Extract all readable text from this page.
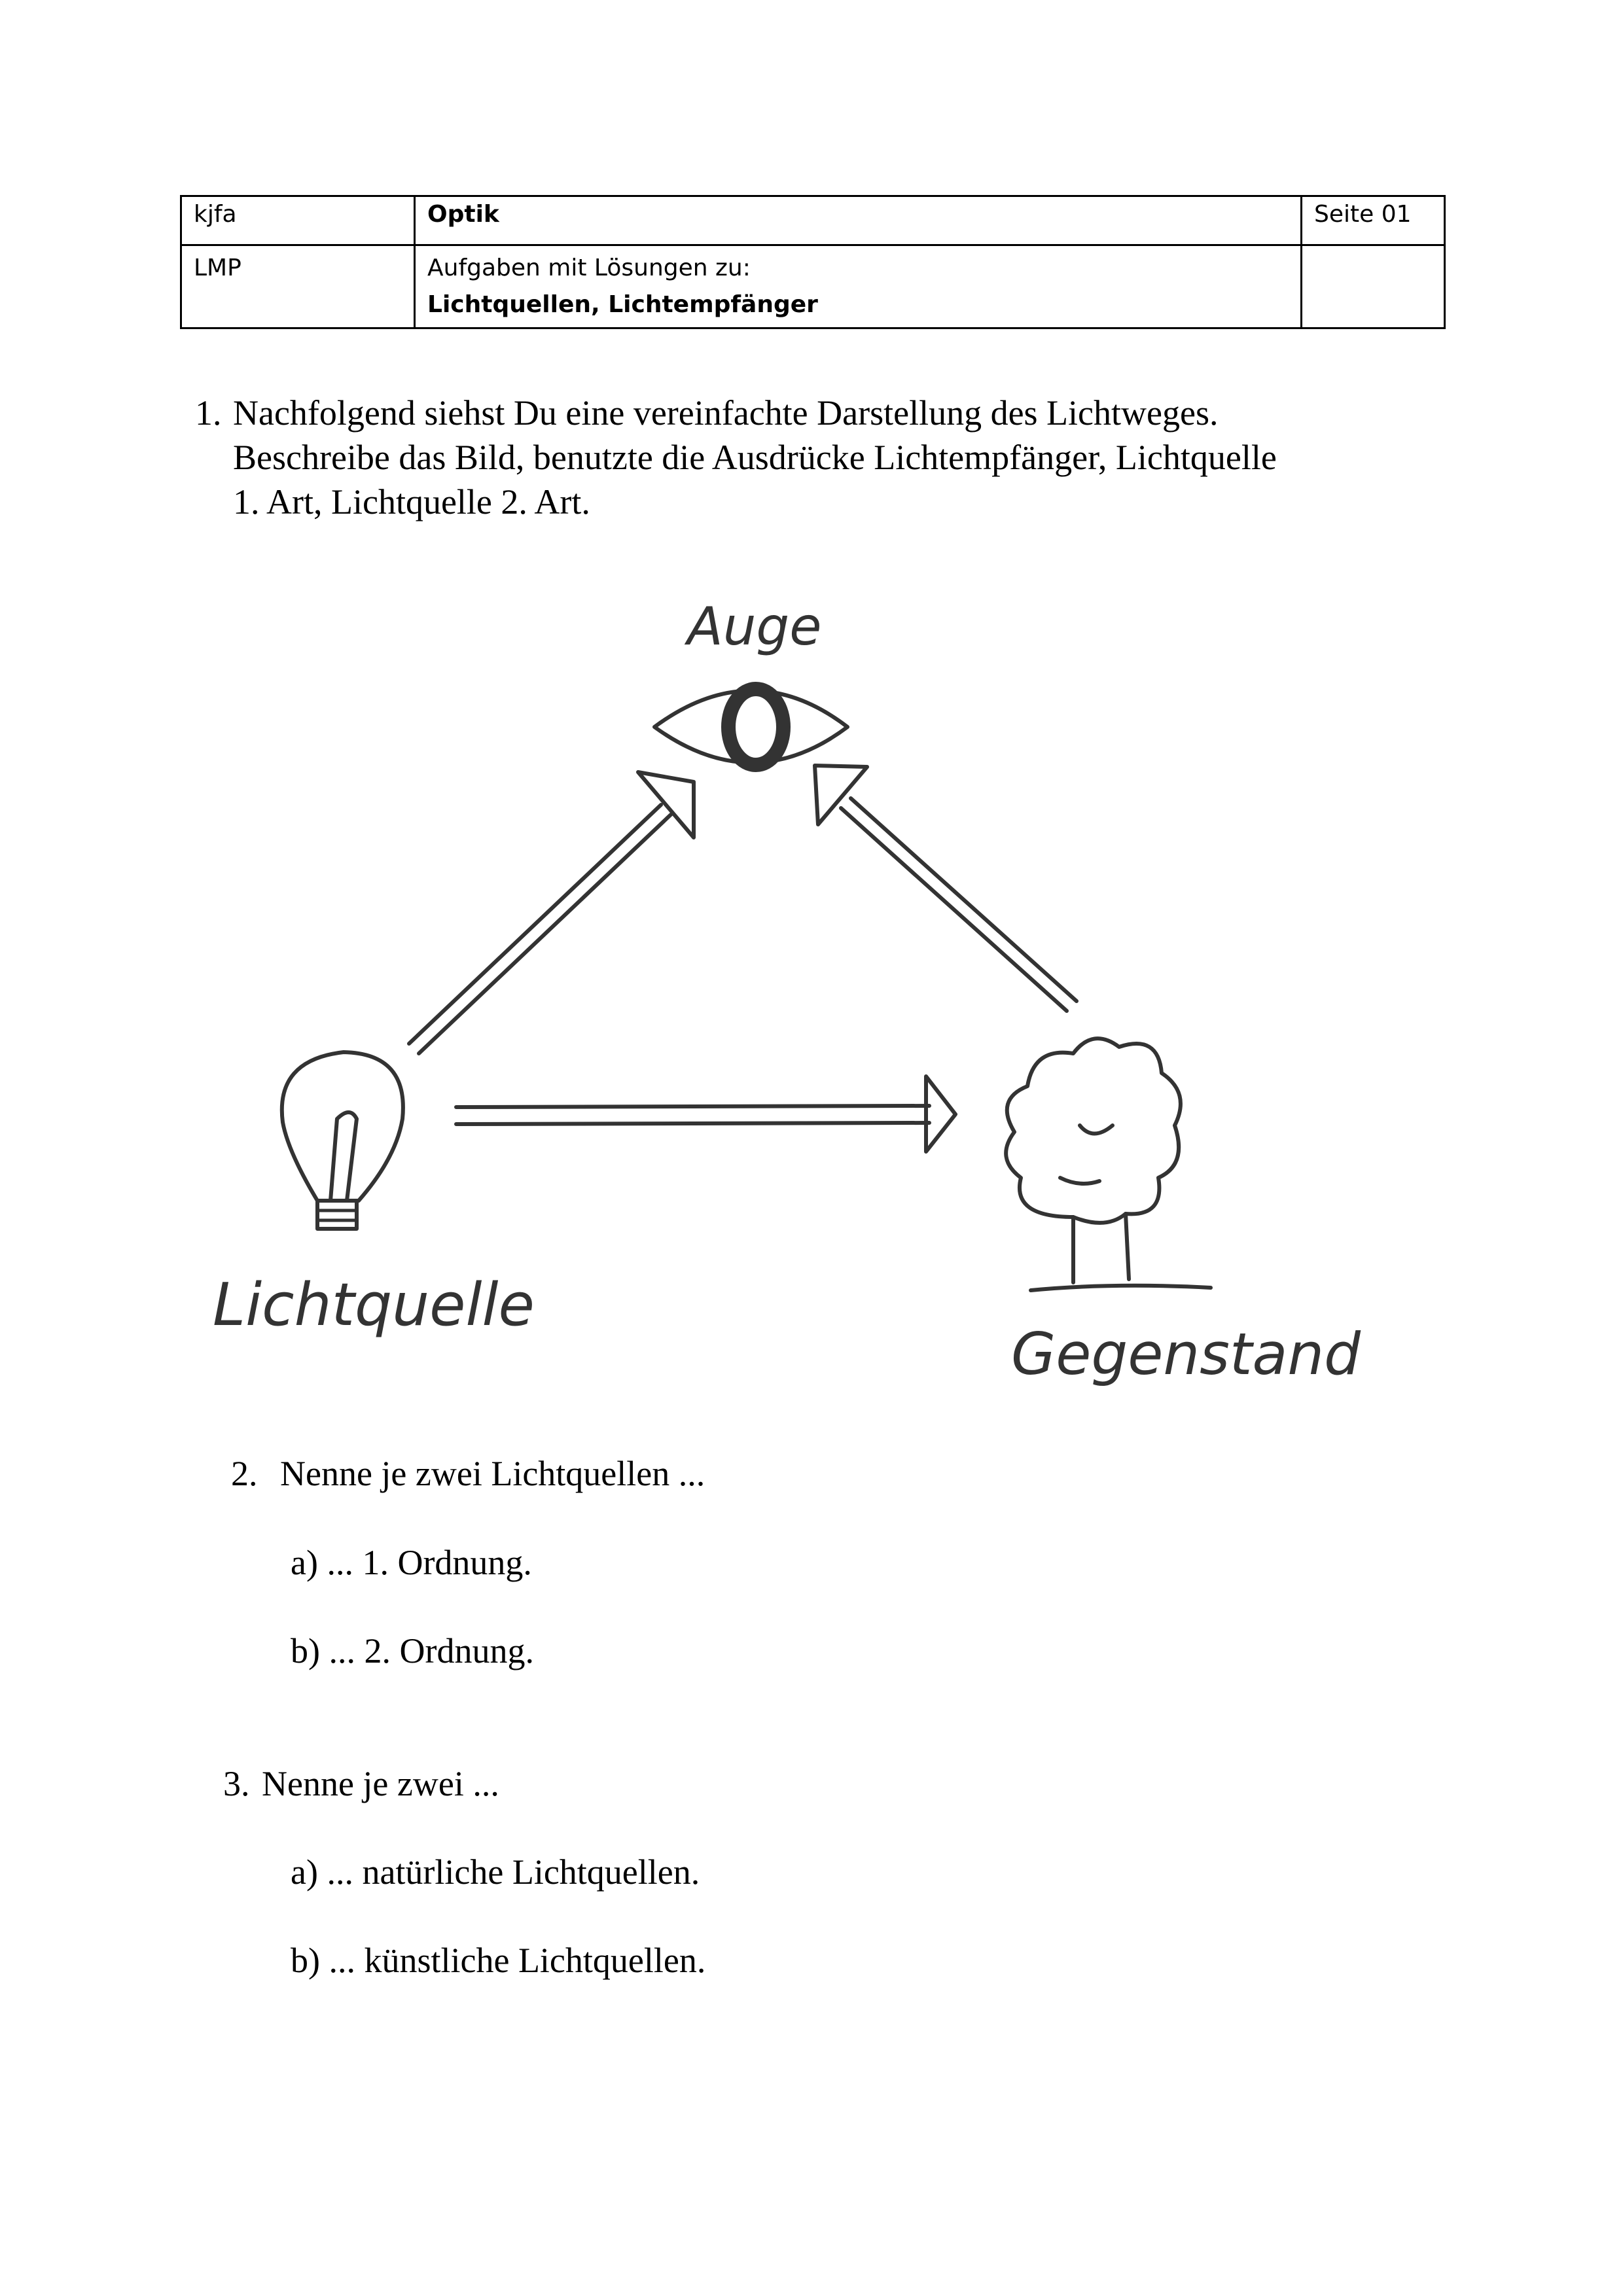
kjfa	Optik	Seite 01
LMP	Aufgaben mit Lösungen zu:
Lichtquellen, Lichtempfänger	

1. Nachfolgend siehst Du eine vereinfachte Darstellung des Lichtweges.
Beschreibe das Bild, benutzte die Ausdrücke Lichtempfänger, Lichtquelle
1. Art, Lichtquelle 2. Art.
Auge
Lichtquelle
Gegenstand
2. Nenne je zwei Lichtquellen ...
a) ... 1. Ordnung.
b) ... 2. Ordnung.
3. Nenne je zwei ...
a) ... natürliche Lichtquellen.
b) ... künstliche Lichtquellen.
